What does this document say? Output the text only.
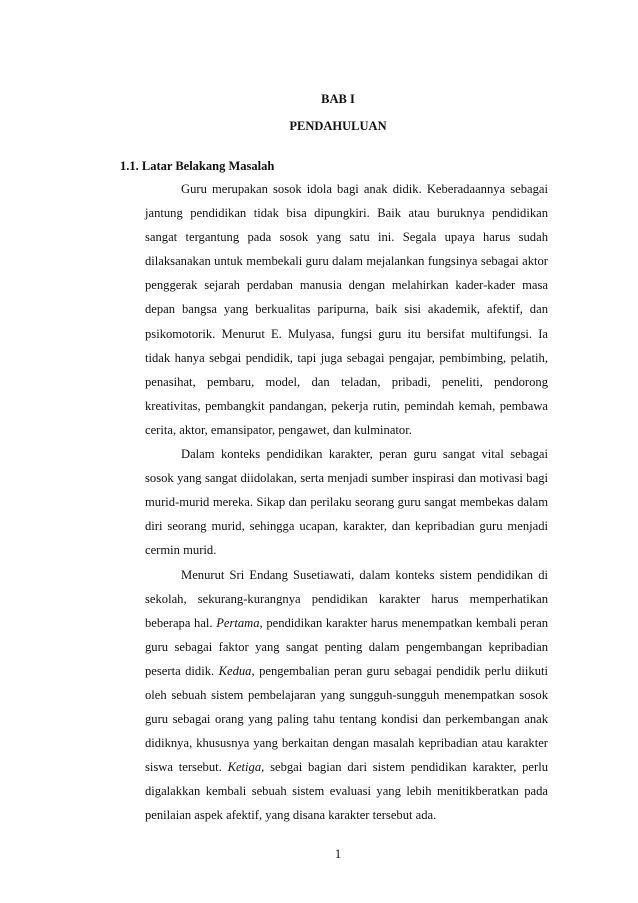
BAB I
PENDAHULUAN
1.1. Latar Belakang Masalah

Guru merupakan sosok idola bagi anak didik. Keberadaannya sebagai jantung pendidikan tidak bisa dipungkiri. Baik atau buruknya pendidikan sangat tergantung pada sosok yang satu ini. Segala upaya harus sudah dilaksanakan untuk membekali guru dalam mejalankan fungsinya sebagai aktor penggerak sejarah perdaban manusia dengan melahirkan kader-kader masa depan bangsa yang berkualitas paripurna, baik sisi akademik, afektif, dan psikomotorik. Menurut E. Mulyasa, fungsi guru itu bersifat multifungsi. Ia tidak hanya sebgai pendidik, tapi juga sebagai pengajar, pembimbing, pelatih, penasihat, pembaru, model, dan teladan, pribadi, peneliti, pendorong kreativitas, pembangkit pandangan, pekerja rutin, pemindah kemah, pembawa cerita, aktor, emansipator, pengawet, dan kulminator.

Dalam konteks pendidikan karakter, peran guru sangat vital sebagai sosok yang sangat diidolakan, serta menjadi sumber inspirasi dan motivasi bagi murid-murid mereka. Sikap dan perilaku seorang guru sangat membekas dalam diri seorang murid, sehingga ucapan, karakter, dan kepribadian guru menjadi cermin murid.

Menurut Sri Endang Susetiawati, dalam konteks sistem pendidikan di sekolah, sekurang-kurangnya pendidikan karakter harus memperhatikan beberapa hal. Pertama, pendidikan karakter harus menempatkan kembali peran guru sebagai faktor yang sangat penting dalam pengembangan kepribadian peserta didik. Kedua, pengembalian peran guru sebagai pendidik perlu diikuti oleh sebuah sistem pembelajaran yang sungguh-sungguh menempatkan sosok guru sebagai orang yang paling tahu tentang kondisi dan perkembangan anak didiknya, khususnya yang berkaitan dengan masalah kepribadian atau karakter siswa tersebut. Ketiga, sebgai bagian dari sistem pendidikan karakter, perlu digalakkan kembali sebuah sistem evaluasi yang lebih menitikberatkan pada penilaian aspek afektif, yang disana karakter tersebut ada.

1
